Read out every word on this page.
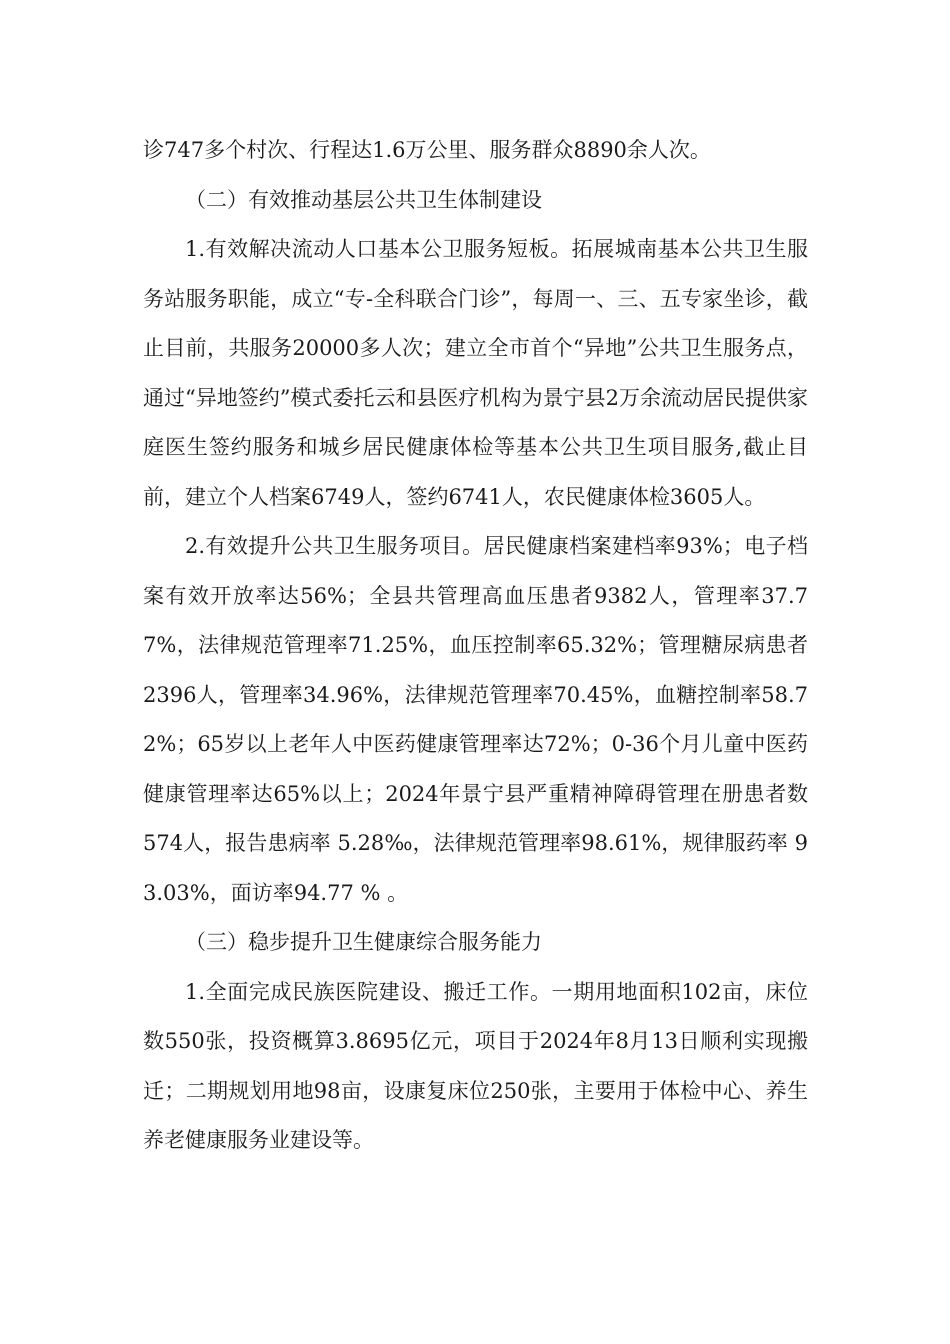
诊747多个村次、行程达1.6万公里、服务群众8890余人次。

（二）有效推动基层公共卫生体制建设

1.有效解决流动人口基本公卫服务短板。拓展城南基本公共卫生服务站服务职能，成立“专-全科联合门诊”，每周一、三、五专家坐诊，截止目前，共服务20000多人次；建立全市首个“异地”公共卫生服务点，通过“异地签约”模式委托云和县医疗机构为景宁县2万余流动居民提供家庭医生签约服务和城乡居民健康体检等基本公共卫生项目服务,截止目前，建立个人档案6749人，签约6741人，农民健康体检3605人。

2.有效提升公共卫生服务项目。居民健康档案建档率93%；电子档案有效开放率达56%；全县共管理高血压患者9382人，管理率37.77%，法律规范管理率71.25%，血压控制率65.32%；管理糖尿病患者2396人，管理率34.96%，法律规范管理率70.45%，血糖控制率58.72%；65岁以上老年人中医药健康管理率达72%；0-36个月儿童中医药健康管理率达65%以上；2024年景宁县严重精神障碍管理在册患者数 574人，报告患病率 5.28‰，法律规范管理率98.61%，规律服药率 93.03%，面访率94.77 % 。

（三）稳步提升卫生健康综合服务能力

1.全面完成民族医院建设、搬迁工作。一期用地面积102亩，床位数550张，投资概算3.8695亿元，项目于2024年8月13日顺利实现搬迁；二期规划用地98亩，设康复床位250张，主要用于体检中心、养生养老健康服务业建设等。
